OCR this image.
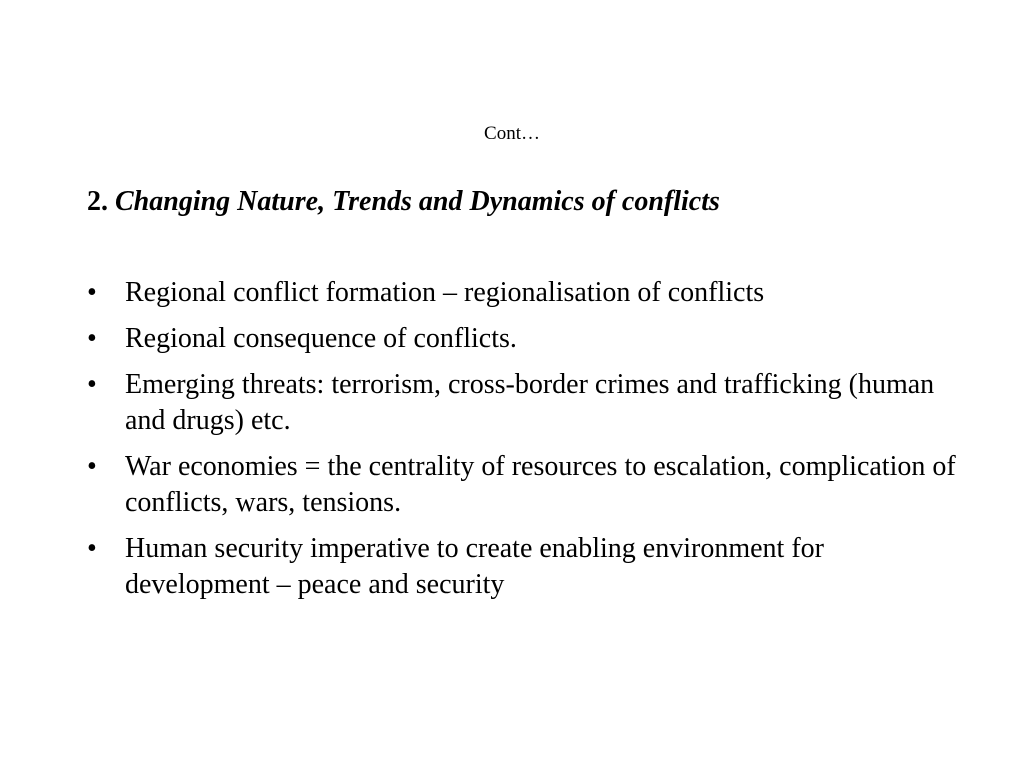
Cont…
2. Changing Nature, Trends and Dynamics of conflicts
•	Regional conflict formation – regionalisation of conflicts
•	Regional consequence of conflicts.
•	Emerging threats: terrorism, cross-border crimes and trafficking (human and drugs) etc.
•	War economies = the centrality of resources to escalation, complication of conflicts, wars, tensions.
•	Human security imperative to create enabling environment for development – peace and security
